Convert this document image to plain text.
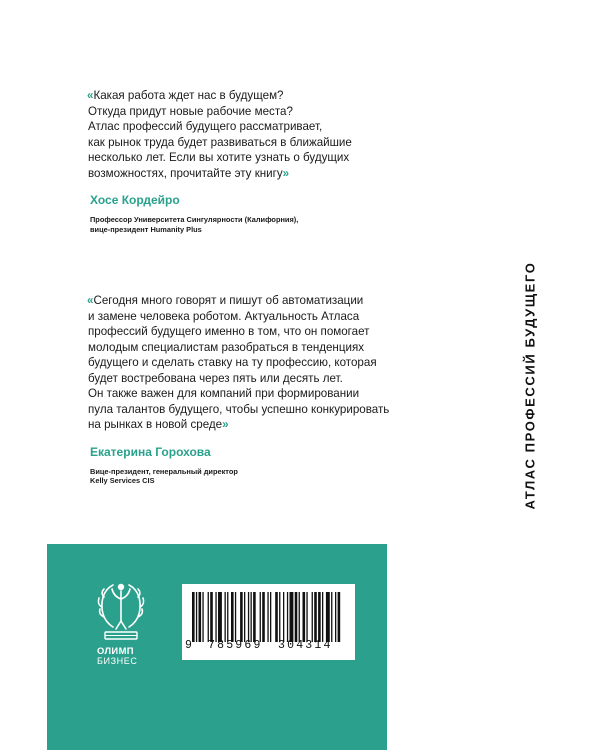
«Какая работа ждет нас в будущем?
Откуда придут новые рабочие места?
Атлас профессий будущего рассматривает,
как рынок труда будет развиваться в ближайшие
несколько лет. Если вы хотите узнать о будущих
возможностях, прочитайте эту книгу»

Хосе Кордейро
Профессор Университета Сингулярности (Калифорния),
вице-президент Humanity Plus

«Сегодня много говорят и пишут об автоматизации
и замене человека роботом. Актуальность Атласа
профессий будущего именно в том, что он помогает
молодым специалистам разобраться в тенденциях
будущего и сделать ставку на ту профессию, которая
будет востребована через пять или десять лет.
Он также важен для компаний при формировании
пула талантов будущего, чтобы успешно конкурировать
на рынках в новой среде»

Екатерина Горохова
Вице-президент, генеральный директор
Kelly Services CIS	АТЛАС ПРОФЕССИЙ БУДУЩЕГО
ОЛИМП
БИЗНЕС
9 785969 304314
